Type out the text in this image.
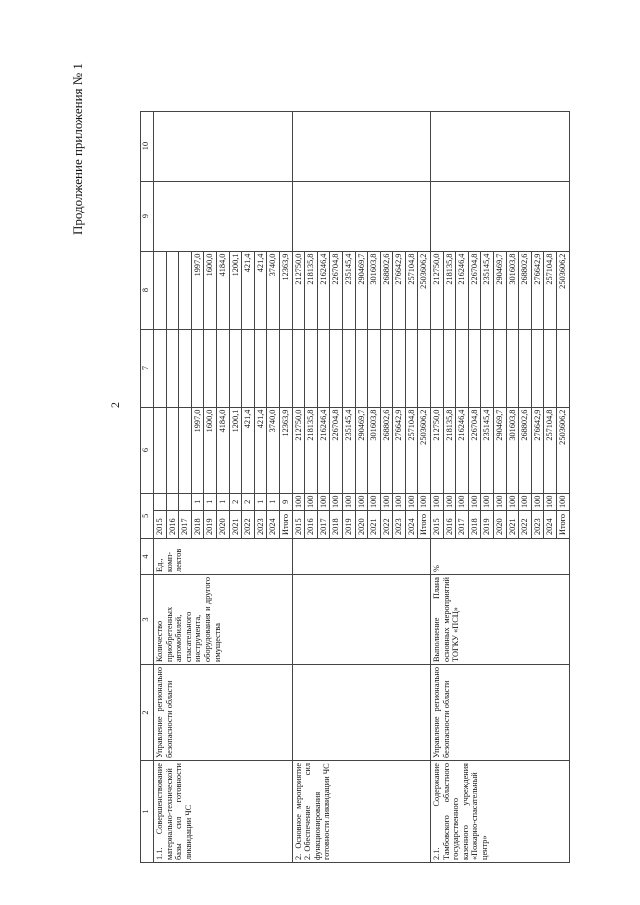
Продолжение приложения № 1
2
1	2	3	4	5		6	7	8	9	10
1.1.     Совершенствование материально-технической базы   сил   готовности ликвидации ЧС	Управление регионально безопасности области	Количество приобретенных автомобилей, спасательного инструмента, оборудования и другого имущества	Ед., комп- лектов	2015						
				2016						
				2017						
				2018	1	1997,0		1997,0		
				2019	1	1600,0		1600,0		
				2020	1	4184,0		4184,0		
				2021	2	1200,1		1200,1		
				2022	2	421,4		421,4		
				2023	1	421,4		421,4		
				2024	1	3740,0		3740,0		
				Итого	9	12363,9		12363,9		
2. Основное мероприятие 2. Обеспечение              сил функционирования готовности ликвидации ЧС				2015	100	212750,0		212750,0		
				2016	100	218135,8		218135,8		
				2017	100	216246,4		216246,4		
				2018	100	226704,8		226704,8		
				2019	100	235145,4		235145,4		
				2020	100	290469,7		290469,7		
				2021	100	301603,8		301603,8		
				2022	100	268802,6		268802,6		
				2023	100	276642,9		276642,9		
				2024	100	257104,8		257104,8		
				Итого	100	2503606,2		2503606,2		
2.1.          Содержание Тамбовского      областного государственного  казенного учреждения       «Пожарно-спасательный центр»	Управление регионально безопасности области	Выполнение    Плана основных мероприятий ТОГКУ «ПСЦ»	%	2015	100	212750,0		212750,0		
				2016	100	218135,8		218135,8		
				2017	100	216246,4		216246,4		
				2018	100	226704,8		226704,8		
				2019	100	235145,4		235145,4		
				2020	100	290469,7		290469,7		
				2021	100	301603,8		301603,8		
				2022	100	268802,6		268802,6		
				2023	100	276642,9		276642,9		
				2024	100	257104,8		257104,8		
				Итого	100	2503606,2		2503606,2		
